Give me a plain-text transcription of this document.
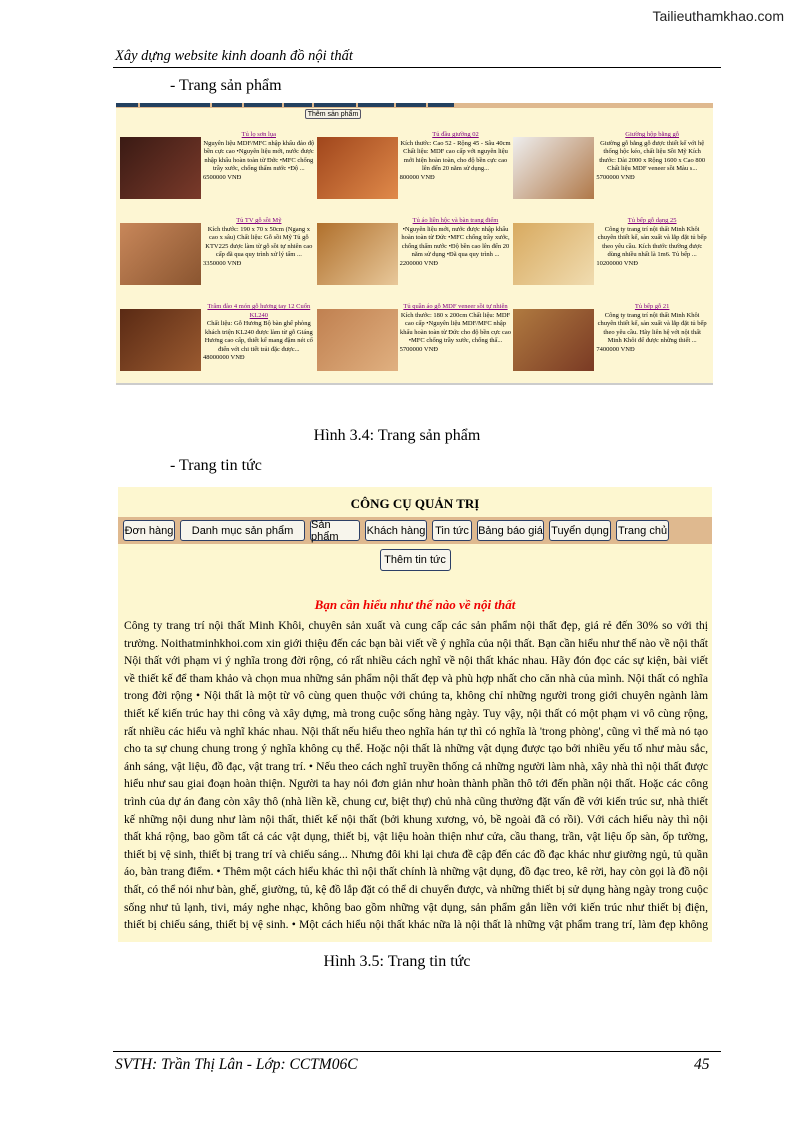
Tailieuthamkhao.com
Xây dựng website kinh doanh đồ nội thất
- Trang sản phẩm
Thêm sản phẩm
Tủ lọ sơn lụa
Nguyên liệu MDF/MFC nhập khẩu đảo độ bền cực cao •Nguyên liệu mới, nước được nhập khẩu hoàn toàn từ Đức •MFC chống trầy xước, chống thấm nước •Độ ...
6500000 VNĐ
Tủ đầu giường 02
Kích thước: Cao 52 - Rộng 45 - Sâu 40cm Chất liệu: MDF cao cấp với nguyên liệu mới hiện hoàn toàn, cho độ bền cực cao lên đến 20 năm sử dụng...
800000 VNĐ
Giường hộp bằng gỗ
Giường gỗ bằng gỗ được thiết kế với hệ thống hộc kéo, chất liệu Sồi Mỹ Kích thước: Dài 2000 x Rộng 1600 x Cao 800 Chất liệu MDF veneer sồi Màu s...
5700000 VNĐ
Tủ TV gỗ sồi Mỹ
Kích thước: 190 x 70 x 50cm (Ngang x cao x sâu) Chất liệu: Gỗ sồi Mỹ Tủ gỗ KTV225 được làm từ gỗ sồi tự nhiên cao cấp đã qua quy trình xử lý tẩm ...
3350000 VNĐ
Tủ áo liền hộc và bàn trang điểm
•Nguyên liệu mới, nước được nhập khẩu hoàn toàn từ Đức •MFC chống trầy xước, chống thấm nước •Độ bền cao lên đến 20 năm sử dụng •Đã qua quy trình ...
2200000 VNĐ
Tủ bếp gỗ dạng 25
Công ty trang trí nội thất Minh Khôi chuyên thiết kế, sản xuất và lắp đặt tủ bếp theo yêu cầu. Kích thước thường được dùng nhiều nhất là 1m6. Tủ bếp ...
10200000 VNĐ
Trâm đào 4 món gỗ hương tay 12 Cuốn KL240
Chất liệu: Gỗ Hương Bộ bàn ghế phòng khách triện KL240 được làm từ gỗ Giáng Hương cao cấp, thiết kế mang đậm nét cổ điển với chi tiết trải đặc được...
48000000 VNĐ
Tủ quần áo gỗ MDF veneer sồi tự nhiên
Kích thước: 180 x 200cm Chất liệu: MDF cao cấp •Nguyên liệu MDF/MFC nhập khẩu hoàn toàn từ Đức cho độ bền cực cao •MFC chống trầy xước, chống thấ...
5700000 VNĐ
Tủ bếp gỗ 21
Công ty trang trí nội thất Minh Khôi chuyên thiết kế, sản xuất và lắp đặt tủ bếp theo yêu cầu. Hãy liên hệ với nội thất Minh Khôi để được những thiết ...
7400000 VNĐ
Hình 3.4: Trang sản phẩm
- Trang tin tức
CÔNG CỤ QUẢN TRỊ
Đơn hàng	Danh mục sản phẩm	Sản phẩm	Khách hàng Tin tức Bảng báo giá Tuyển dụng Trang chủ
Thêm tin tức
Bạn cần hiểu như thế nào về nội thất
Công ty trang trí nội thất Minh Khôi, chuyên sản xuất và cung cấp các sản phẩm nội thất đẹp, giá rẻ đến 30% so với thị trường. Noithatminhkhoi.com xin giới thiệu đến các bạn bài viết về ý nghĩa của nội thất. Bạn cần hiểu như thế nào về nội thất Nội thất với phạm vi ý nghĩa trong đời rộng, có rất nhiều cách nghĩ về nội thất khác nhau. Hãy đón đọc các sự kiện, bài viết về thiết kế để tham khảo và chọn mua những sản phẩm nội thất đẹp và phù hợp nhất cho căn nhà của mình. Nội thất có nghĩa trong đời rộng • Nội thất là một từ vô cùng quen thuộc với chúng ta, không chỉ những người trong giới chuyên ngành làm thiết kế kiến trúc hay thi công và xây dựng, mà trong cuộc sống hàng ngày. Tuy vậy, nội thất có một phạm vi vô cùng rộng, rất nhiều các hiểu và nghĩ khác nhau. Nội thất nếu hiểu theo nghĩa hán tự thì có nghĩa là 'trong phòng', cũng vì thế mà nó tạo cho ta sự chung chung trong ý nghĩa không cụ thể. Hoặc nội thất là những vật dụng được tạo bởi nhiều yếu tố như màu sắc, ánh sáng, vật liệu, đồ đạc, vật trang trí. • Nếu theo cách nghĩ truyền thống cả những người làm nhà, xây nhà thì nội thất được hiểu như sau giai đoạn hoàn thiện. Người ta hay nói đơn giản như hoàn thành phần thô tới đến phần nội thất. Hoặc các công trình của dự án đang còn xây thô (nhà liền kề, chung cư, biệt thự) chủ nhà cũng thường đặt vấn đề với kiến trúc sư, nhà thiết kế những nội dung như làm nội thất, thiết kế nội thất (bởi khung xương, vỏ, bề ngoài đã có rồi). Với cách hiểu này thì nội thất khá rộng, bao gồm tất cả các vật dụng, thiết bị, vật liệu hoàn thiện như cửa, cầu thang, trần, vật liệu ốp sàn, ốp tường, thiết bị vệ sinh, thiết bị trang trí và chiếu sáng... Nhưng đôi khi lại chưa đề cập đến các đồ đạc khác như giường ngủ, tủ quần áo, bàn trang điểm. • Thêm một cách hiểu khác thì nội thất chính là những vật dụng, đồ đạc treo, kê rời, hay còn gọi là đồ nội thất, có thể nói như bàn, ghế, giường, tủ, kệ đồ lắp đặt có thể di chuyển được, và những thiết bị sử dụng hàng ngày trong cuộc sống như tủ lạnh, tivi, máy nghe nhạc, không bao gồm những vật dụng, sản phẩm gắn liền với kiến trúc như thiết bị điện, thiết bị chiếu sáng, thiết bị vệ sinh. • Một cách hiểu nội thất khác nữa là nội thất là những vật phẩm trang trí, làm đẹp không
Hình 3.5: Trang tin tức
SVTH: Trần Thị Lân - Lớp: CCTM06C	45
